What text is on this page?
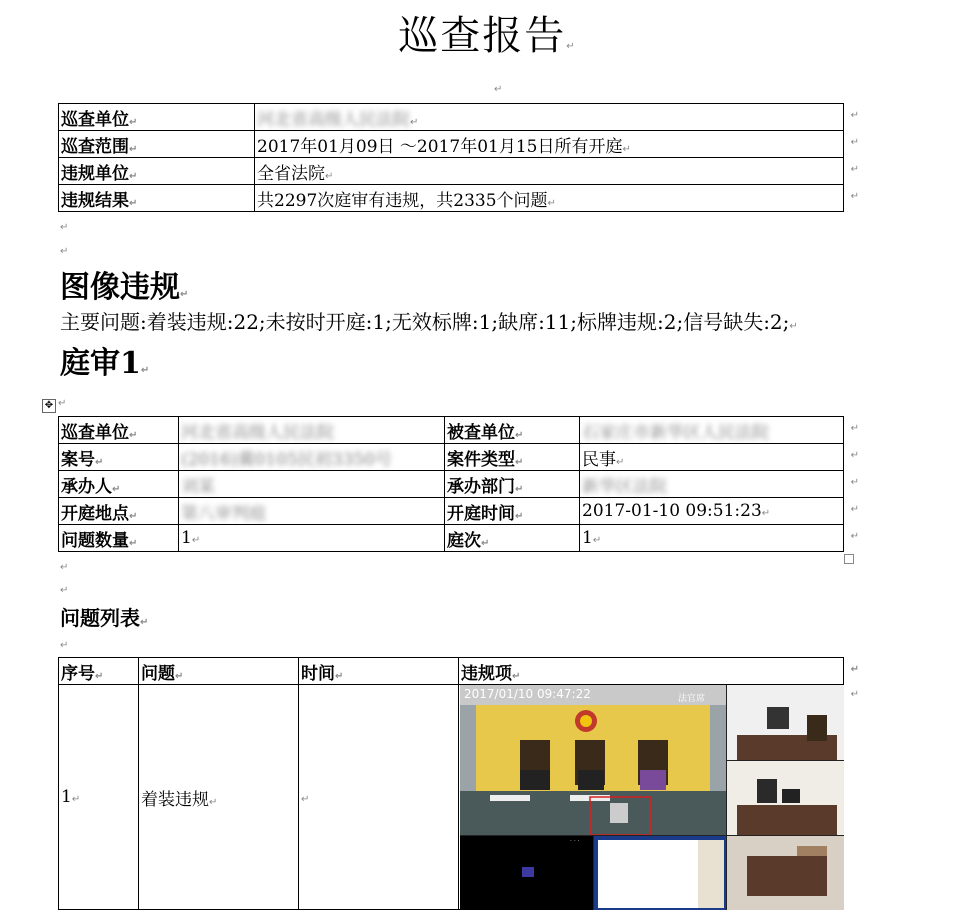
巡查报告↵
↵
巡查单位↵	河北省高级人民法院↵
↵

巡查范围↵	2017年01月09日 ～2017年01月15日所有开庭↵
↵

违规单位↵	全省法院↵
↵

违规结果↵	共2297次庭审有违规，共2335个问题↵
↵
↵
↵
图像违规↵
主要问题:着装违规:22;未按时开庭:1;无效标牌:1;缺席:11;标牌违规:2;信号缺失:2;↵
庭审1↵
✥ ↵
巡查单位↵	河北省高级人民法院	被查单位↵	石家庄市新华区人民法院 ↵

案号↵	(2016)冀0105民初3350号	案件类型↵	民事↵
↵

承办人↵	刘某	承办部门↵	新华区法院 ↵

开庭地点↵	第八审判庭	开庭时间↵	2017-01-10 09:51:23↵ ↵

问题数量↵	1↵	庭次↵	1↵ ↵
↵
↵
问题列表↵
↵
序号↵	问题↵	时间↵	违规项↵
↵

1↵	着装违规↵	↵	↵
2017/01/10 09:47:22	法官席
· · ·
